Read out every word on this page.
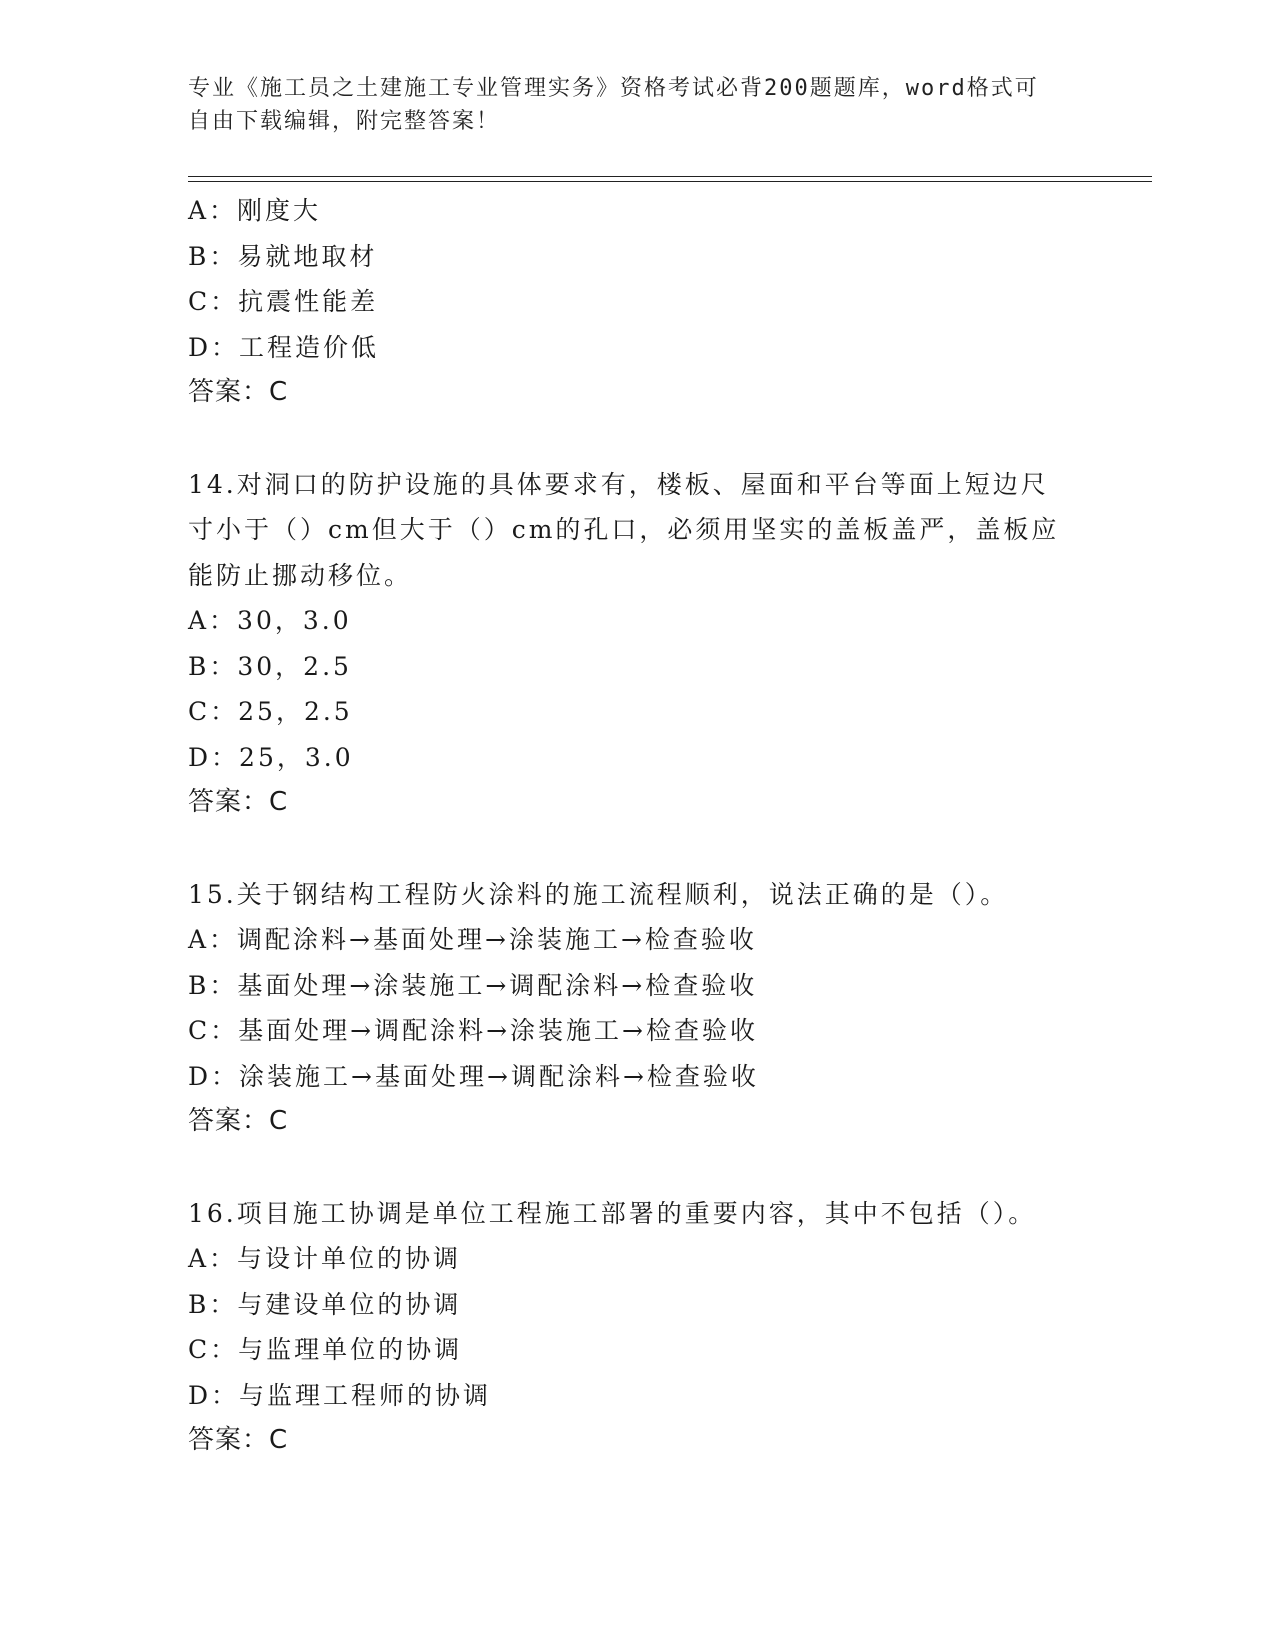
专业《施工员之土建施工专业管理实务》资格考试必背200题题库，word格式可
自由下载编辑，附完整答案！
A：刚度大
B：易就地取材
C：抗震性能差
D：工程造价低
答案：C
14.对洞口的防护设施的具体要求有，楼板、屋面和平台等面上短边尺
寸小于（）cm但大于（）cm的孔口，必须用坚实的盖板盖严，盖板应
能防止挪动移位。
A：30，3.0
B：30，2.5
C：25，2.5
D：25，3.0
答案：C
15.关于钢结构工程防火涂料的施工流程顺利，说法正确的是（）。
A：调配涂料→基面处理→涂装施工→检查验收
B：基面处理→涂装施工→调配涂料→检查验收
C：基面处理→调配涂料→涂装施工→检查验收
D：涂装施工→基面处理→调配涂料→检查验收
答案：C
16.项目施工协调是单位工程施工部署的重要内容，其中不包括（）。
A：与设计单位的协调
B：与建设单位的协调
C：与监理单位的协调
D：与监理工程师的协调
答案：C
